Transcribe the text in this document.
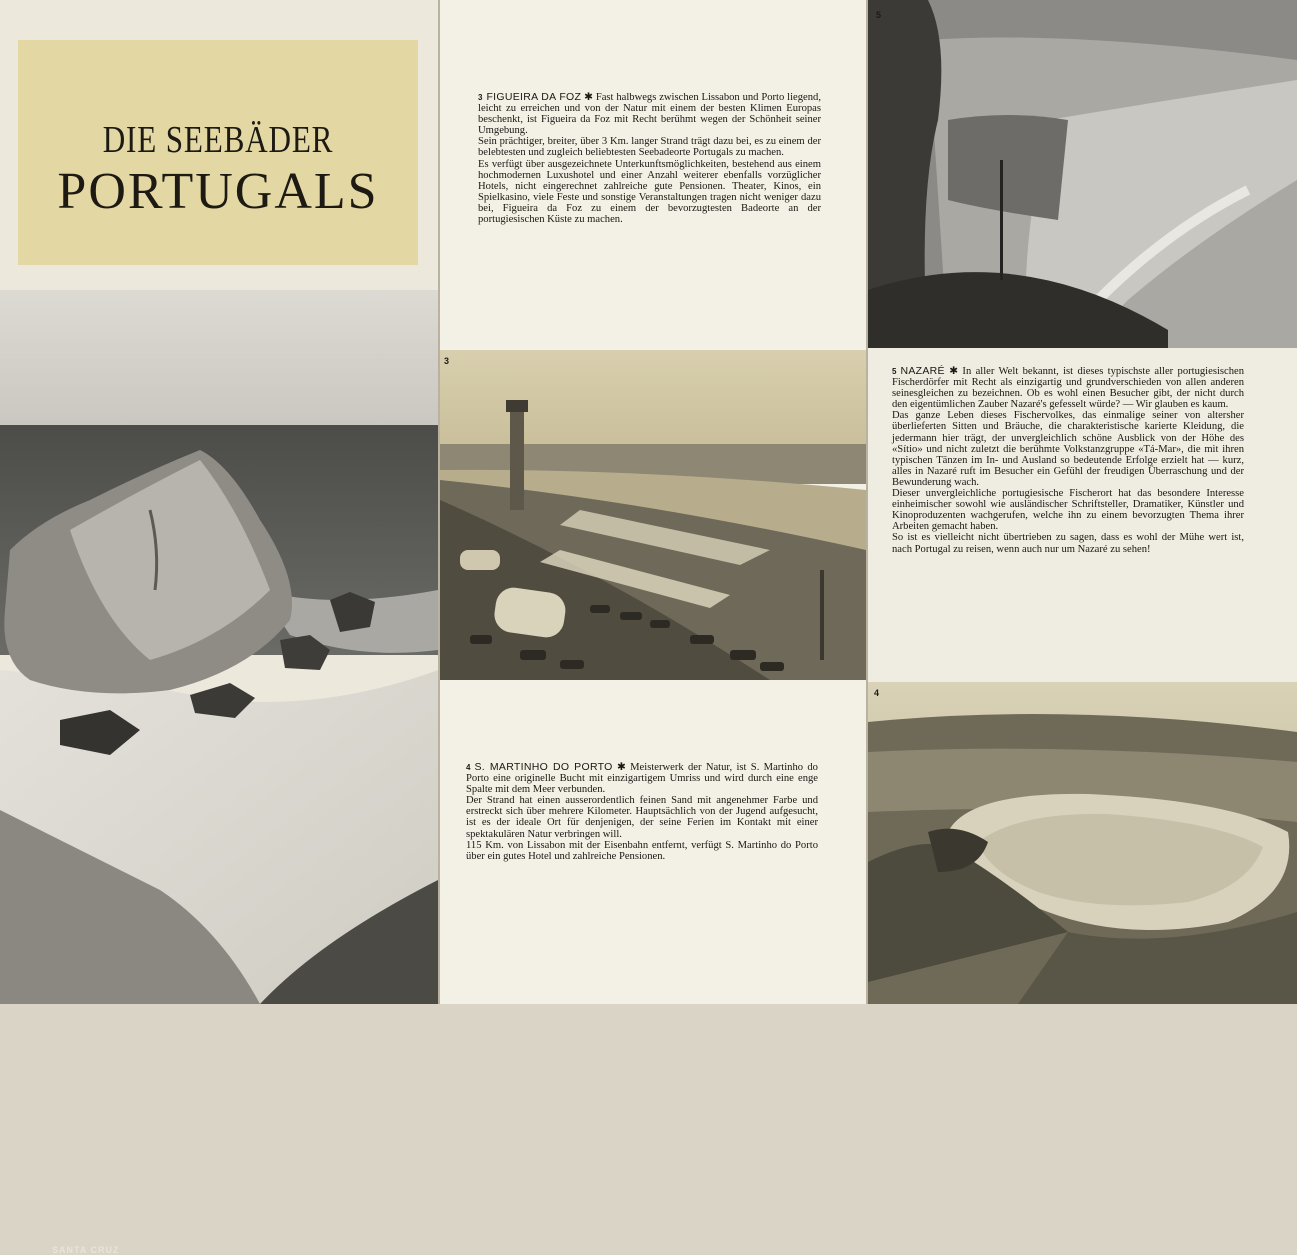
DIE SEEBÄDER
PORTUGALS
SANTA CRUZ

3 FIGUEIRA DA FOZ ✱ Fast halbwegs zwischen Lissabon und Porto liegend, leicht zu erreichen und von der Natur mit einem der besten Klimen Europas beschenkt, ist Figueira da Foz mit Recht berühmt wegen der Schönheit seiner Umgebung.

Sein prächtiger, breiter, über 3 Km. langer Strand trägt dazu bei, es zu einem der belebtesten und zugleich beliebtesten Seebadeorte Portugals zu machen.

Es verfügt über ausgezeichnete Unterkunftsmöglichkeiten, bestehend aus einem hochmodernen Luxushotel und einer Anzahl weiterer ebenfalls vorzüglicher Hotels, nicht eingerechnet zahlreiche gute Pensionen. Theater, Kinos, ein Spielkasino, viele Feste und sonstige Veranstaltungen tragen nicht weniger dazu bei, Figueira da Foz zu einem der bevorzugtesten Badeorte an der portugiesischen Küste zu machen.

3

4 S. MARTINHO DO PORTO ✱ Meisterwerk der Natur, ist S. Martinho do Porto eine originelle Bucht mit einzigartigem Umriss und wird durch eine enge Spalte mit dem Meer verbunden.

Der Strand hat einen ausserordentlich feinen Sand mit angenehmer Farbe und erstreckt sich über mehrere Kilometer. Hauptsächlich von der Jugend aufgesucht, ist es der ideale Ort für denjenigen, der seine Ferien im Kontakt mit einer spektakulären Natur verbringen will.

115 Km. von Lissabon mit der Eisenbahn entfernt, verfügt S. Martinho do Porto über ein gutes Hotel und zahlreiche Pensionen.

5

5 NAZARÉ ✱ In aller Welt bekannt, ist dieses typischste aller portugiesischen Fischerdörfer mit Recht als einzigartig und grundverschieden von allen anderen seinesgleichen zu bezeichnen. Ob es wohl einen Besucher gibt, der nicht durch den eigentümlichen Zauber Nazaré's gefesselt würde? — Wir glauben es kaum.

Das ganze Leben dieses Fischervolkes, das einmalige seiner von altersher überlieferten Sitten und Bräuche, die charakteristische karierte Kleidung, die jedermann hier trägt, der unvergleichlich schöne Ausblick von der Höhe des «Sítio» und nicht zuletzt die berühmte Volkstanzgruppe «Tá-Mar», die mit ihren typischen Tänzen im In- und Ausland so bedeutende Erfolge erzielt hat — kurz, alles in Nazaré ruft im Besucher ein Gefühl der freudigen Überraschung und der Bewunderung wach.

Dieser unvergleichliche portugiesische Fischerort hat das besondere Interesse einheimischer sowohl wie ausländischer Schriftsteller, Dramatiker, Künstler und Kinoproduzenten wachgerufen, welche ihn zu einem bevorzugten Thema ihrer Arbeiten gemacht haben.

So ist es vielleicht nicht übertrieben zu sagen, dass es wohl der Mühe wert ist, nach Portugal zu reisen, wenn auch nur um Nazaré zu sehen!

4
